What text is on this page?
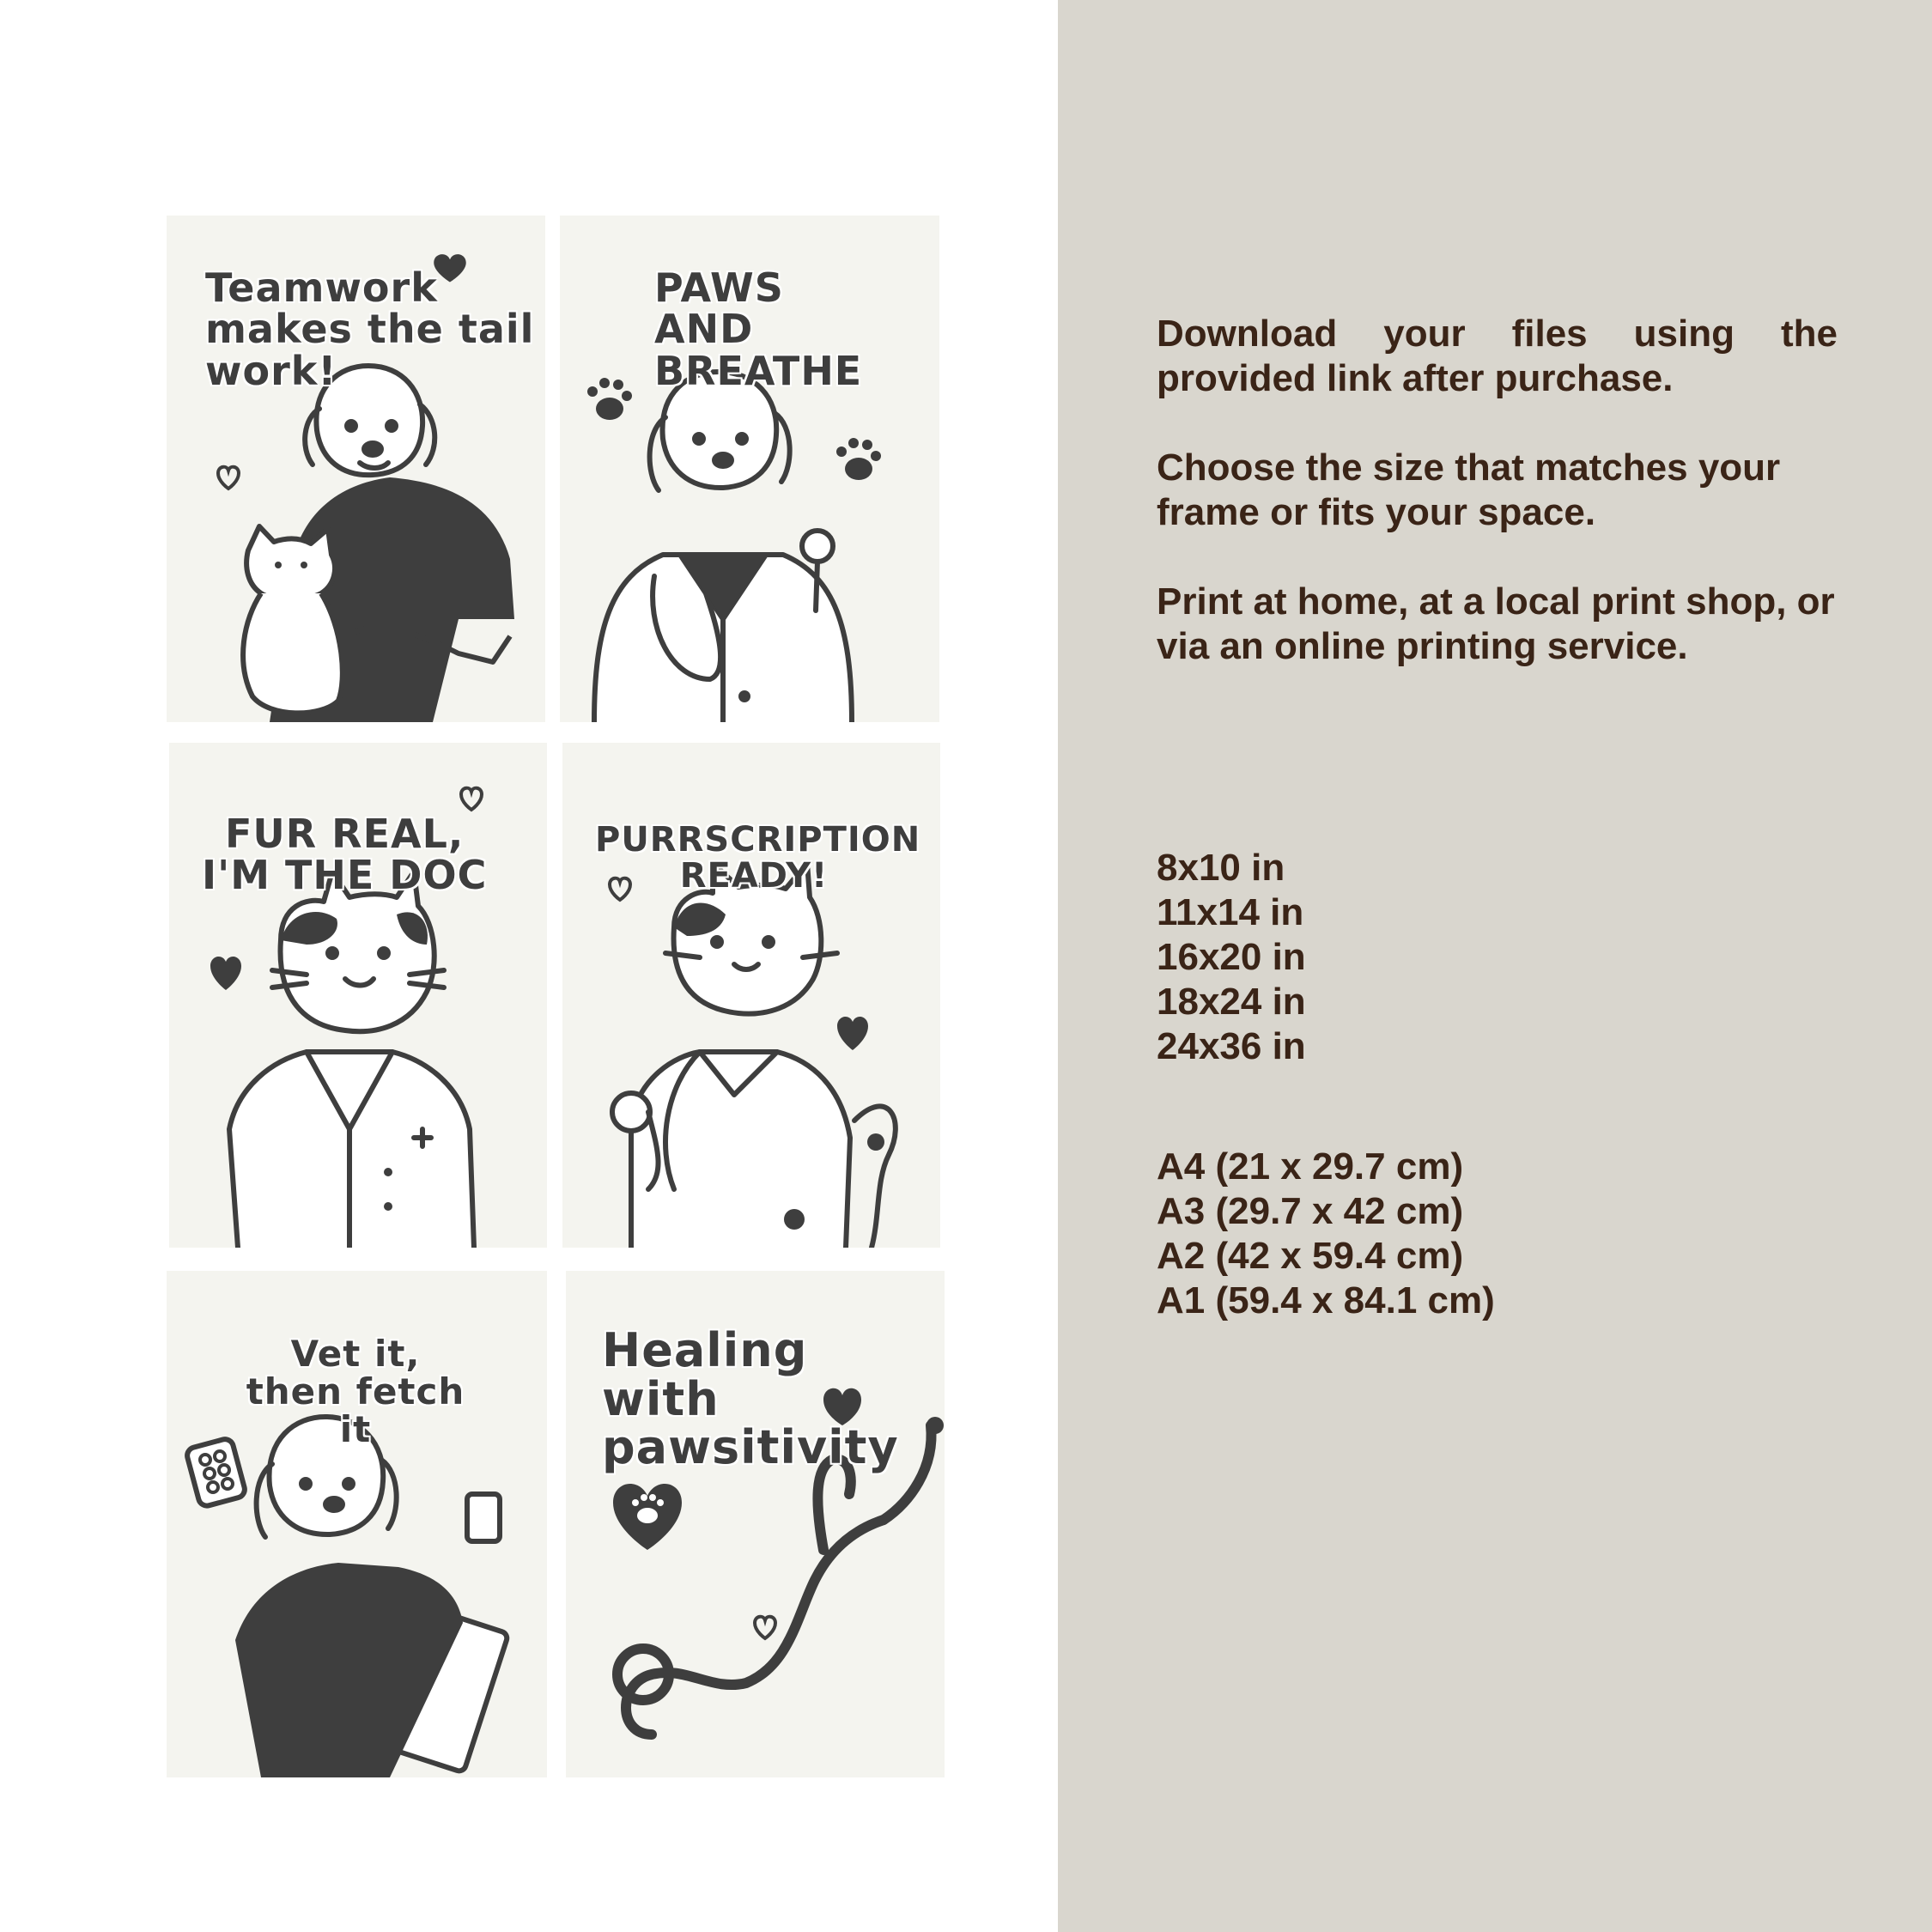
Teamwork
makes the tail
work!
PAWS
AND
BREATHE
FUR REAL,
I'M THE DOC
PURRSCRIPTION
READY!
Vet it,
then fetch it
Healing
with
pawsitivity

Download your files using the provided link after purchase.

Choose the size that matches your frame or fits your space.

Print at home, at a local print shop, or via an online printing service.

8x10 in
11x14 in
16x20 in
18x24 in
24x36 in
A4 (21 x 29.7 cm)
A3 (29.7 x 42 cm)
A2 (42 x 59.4 cm)
A1 (59.4 x 84.1 cm)
